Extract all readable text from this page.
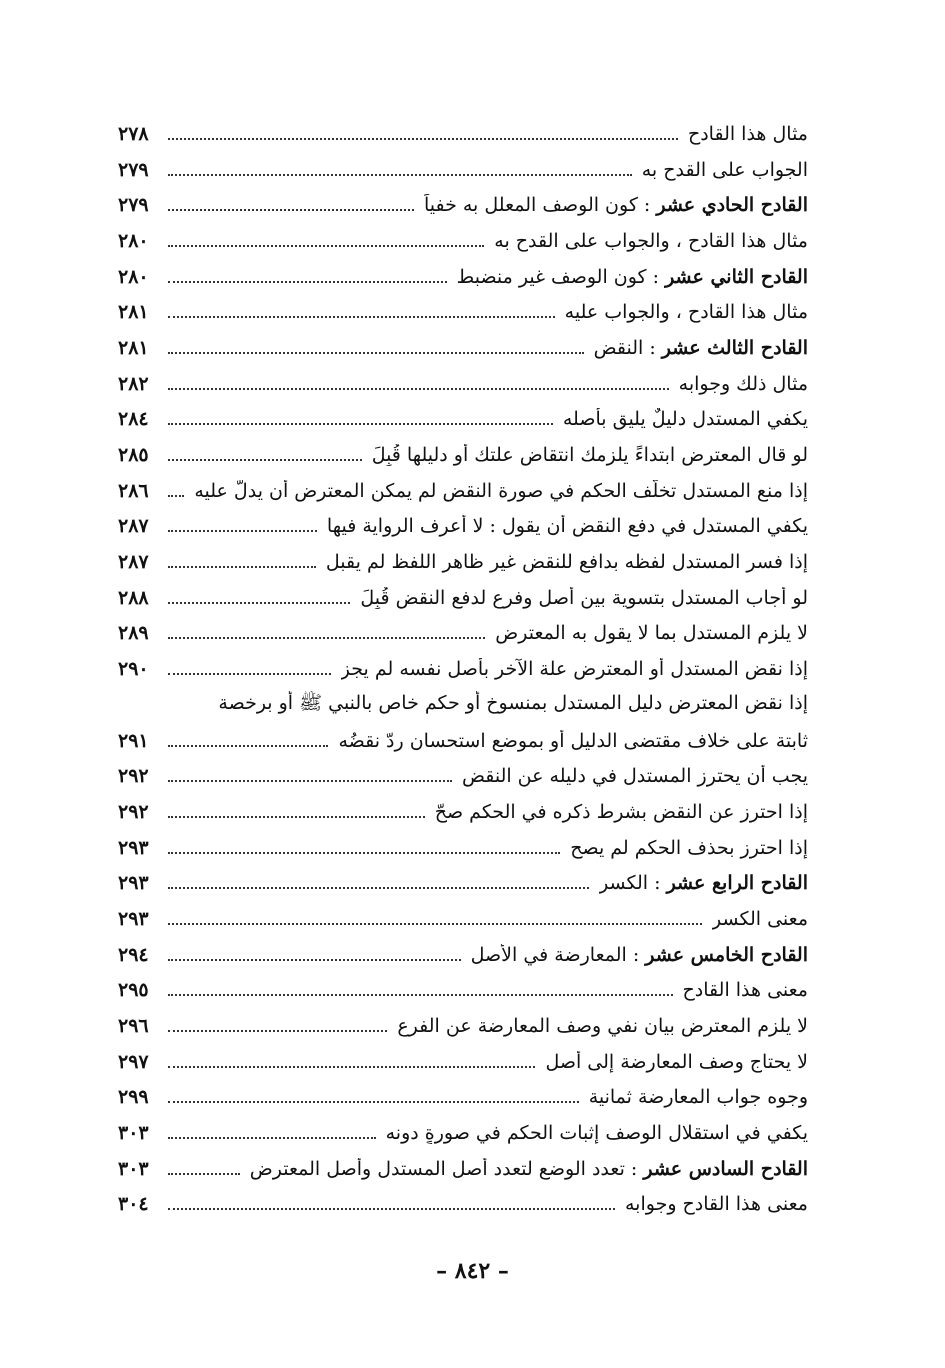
مثال هذا القادح
٢٧٨
الجواب على القدح به
٢٧٩
القادح الحادي عشر : كون الوصف المعلل به خفياً
٢٧٩
مثال هذا القادح ، والجواب على القدح به
٢٨٠
القادح الثاني عشر : كون الوصف غير منضبط
٢٨٠
مثال هذا القادح ، والجواب عليه
٢٨١
القادح الثالث عشر : النقض
٢٨١
مثال ذلك وجوابه
٢٨٢
يكفي المستدل دليلٌ يليق بأصله
٢٨٤
لو قال المعترض ابتداءً يلزمك انتقاض علتك أو دليلها قُبِلَ
٢٨٥
إذا منع المستدل تخلّف الحكم في صورة النقض لم يمكن المعترض أن يدلّ عليه
٢٨٦
يكفي المستدل في دفع النقض أن يقول : لا أعرف الرواية فيها
٢٨٧
إذا فسر المستدل لفظه بدافع للنقض غير ظاهر اللفظ لم يقبل
٢٨٧
لو أجاب المستدل بتسوية بين أصل وفرع لدفع النقض قُبِلَ
٢٨٨
لا يلزم المستدل بما لا يقول به المعترض
٢٨٩
إذا نقض المستدل أو المعترض علة الآخر بأصل نفسه لم يجز
٢٩٠
إذا نقض المعترض دليل المستدل بمنسوخ أو حكم خاص بالنبي ﷺ أو برخصة
ثابتة على خلاف مقتضى الدليل أو بموضع استحسان ردّ نقضُه
٢٩١
يجب أن يحترز المستدل في دليله عن النقض
٢٩٢
إذا احترز عن النقض بشرط ذكره في الحكم صحّ
٢٩٢
إذا احترز بحذف الحكم لم يصح
٢٩٣
القادح الرابع عشر : الكسر
٢٩٣
معنى الكسر
٢٩٣
القادح الخامس عشر : المعارضة في الأصل
٢٩٤
معنى هذا القادح
٢٩٥
لا يلزم المعترض بيان نفي وصف المعارضة عن الفرع
٢٩٦
لا يحتاج وصف المعارضة إلى أصل
٢٩٧
وجوه جواب المعارضة ثمانية
٢٩٩
يكفي في استقلال الوصف إثبات الحكم في صورةٍ دونه
٣٠٣
القادح السادس عشر : تعدد الوضع لتعدد أصل المستدل وأصل المعترض
٣٠٣
معنى هذا القادح وجوابه
٣٠٤
– ٨٤٢ –
